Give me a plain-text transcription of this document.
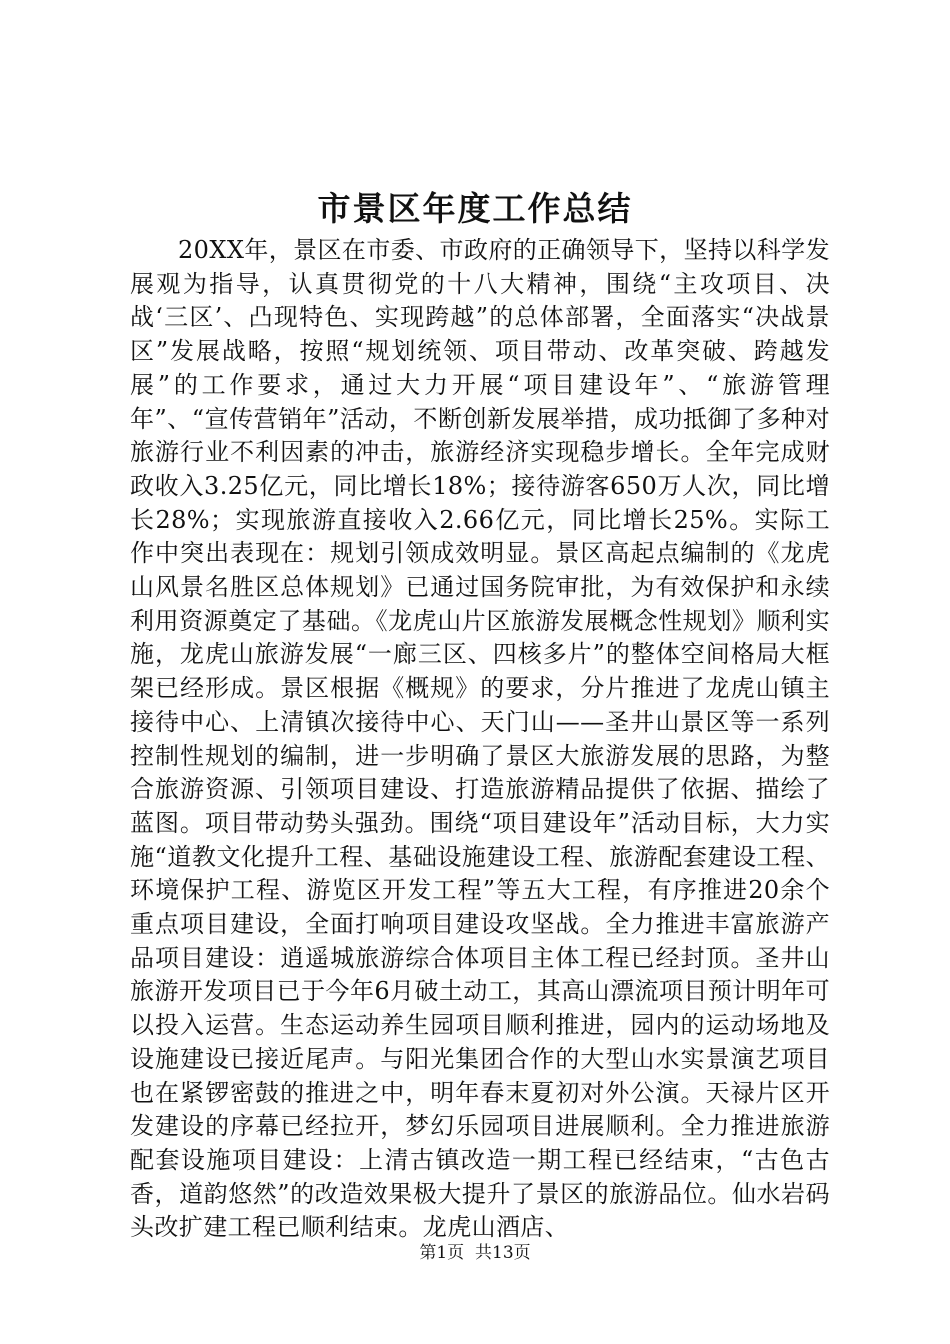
市景区年度工作总结
20XX年，景区在市委、市政府的正确领导下，坚持以科学发展观为指导，认真贯彻党的十八大精神，围绕“主攻项目、决战‘三区’、凸现特色、实现跨越”的总体部署，全面落实“决战景区”发展战略，按照“规划统领、项目带动、改革突破、跨越发展”的工作要求，通过大力开展“项目建设年”、“旅游管理年”、“宣传营销年”活动，不断创新发展举措，成功抵御了多种对旅游行业不利因素的冲击，旅游经济实现稳步增长。全年完成财政收入3.25亿元，同比增长18%；接待游客650万人次，同比增长28%；实现旅游直接收入2.66亿元，同比增长25%。实际工作中突出表现在：规划引领成效明显。景区高起点编制的《龙虎山风景名胜区总体规划》已通过国务院审批，为有效保护和永续利用资源奠定了基础。《龙虎山片区旅游发展概念性规划》顺利实施，龙虎山旅游发展“一廊三区、四核多片”的整体空间格局大框架已经形成。景区根据《概规》的要求，分片推进了龙虎山镇主接待中心、上清镇次接待中心、天门山——圣井山景区等一系列控制性规划的编制，进一步明确了景区大旅游发展的思路，为整合旅游资源、引领项目建设、打造旅游精品提供了依据、描绘了蓝图。项目带动势头强劲。围绕“项目建设年”活动目标，大力实施“道教文化提升工程、基础设施建设工程、旅游配套建设工程、环境保护工程、游览区开发工程”等五大工程，有序推进20余个重点项目建设，全面打响项目建设攻坚战。全力推进丰富旅游产品项目建设：逍遥城旅游综合体项目主体工程已经封顶。圣井山旅游开发项目已于今年6月破土动工，其高山漂流项目预计明年可以投入运营。生态运动养生园项目顺利推进，园内的运动场地及设施建设已接近尾声。与阳光集团合作的大型山水实景演艺项目也在紧锣密鼓的推进之中，明年春末夏初对外公演。天禄片区开发建设的序幕已经拉开，梦幻乐园项目进展顺利。全力推进旅游配套设施项目建设：上清古镇改造一期工程已经结束，“古色古香，道韵悠然”的改造效果极大提升了景区的旅游品位。仙水岩码头改扩建工程已顺利结束。龙虎山酒店、
第1页 共13页
